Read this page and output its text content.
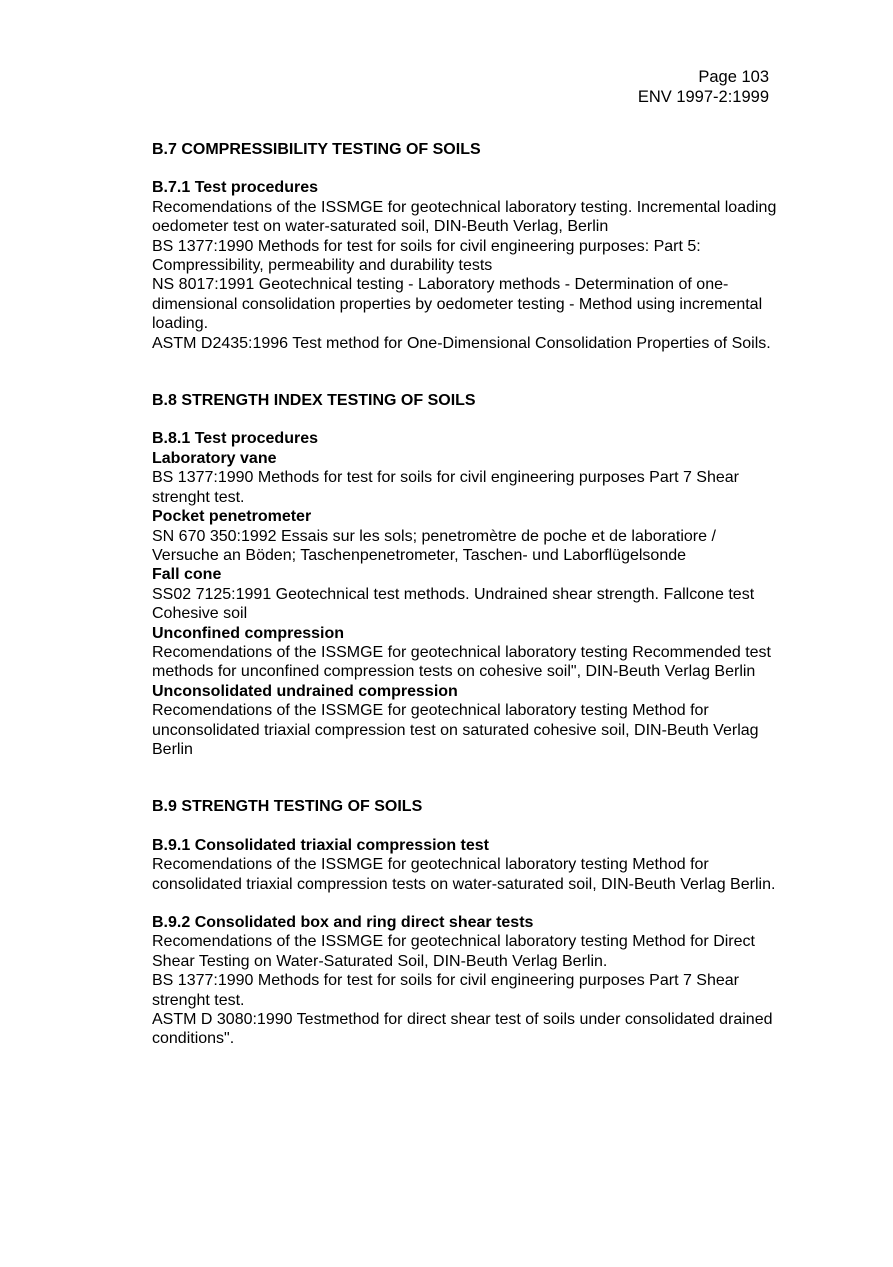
Page 103
ENV 1997-2:1999

B.7 COMPRESSIBILITY TESTING OF SOILS

B.7.1 Test procedures

Recomendations of the ISSMGE for geotechnical laboratory testing. Incremental loading

oedometer test on water-saturated soil, DIN-Beuth Verlag, Berlin

BS 1377:1990 Methods for test for soils for civil engineering purposes: Part 5:

Compressibility, permeability and durability tests

NS 8017:1991 Geotechnical testing - Laboratory methods - Determination of one-

dimensional consolidation properties by oedometer testing - Method using incremental

loading.

ASTM D2435:1996 Test method for One-Dimensional Consolidation Properties of Soils.

B.8 STRENGTH INDEX TESTING OF SOILS

B.8.1 Test procedures

Laboratory vane

BS 1377:1990 Methods for test for soils for civil engineering purposes Part 7 Shear

strenght test.

Pocket penetrometer

SN 670 350:1992 Essais sur les sols; penetromètre de poche et de laboratiore /

Versuche an Böden; Taschenpenetrometer, Taschen- und Laborflügelsonde

Fall cone

SS02 7125:1991 Geotechnical test methods. Undrained shear strength. Fallcone test

Cohesive soil

Unconfined compression

Recomendations of the ISSMGE for geotechnical laboratory testing Recommended test

methods for unconfined compression tests on cohesive soil", DIN-Beuth Verlag Berlin

Unconsolidated undrained compression

Recomendations of the ISSMGE for geotechnical laboratory testing Method for

unconsolidated triaxial compression test on saturated cohesive soil, DIN-Beuth Verlag

Berlin

B.9 STRENGTH TESTING OF SOILS

B.9.1 Consolidated triaxial compression test

Recomendations of the ISSMGE for geotechnical laboratory testing Method for

consolidated triaxial compression tests on water-saturated soil, DIN-Beuth Verlag Berlin.

B.9.2 Consolidated box and ring direct shear tests

Recomendations of the ISSMGE for geotechnical laboratory testing Method for Direct

Shear Testing on Water-Saturated Soil, DIN-Beuth Verlag Berlin.

BS 1377:1990 Methods for test for soils for civil engineering purposes Part 7 Shear

strenght test.

ASTM D 3080:1990 Testmethod for direct shear test of soils under consolidated drained

conditions".
